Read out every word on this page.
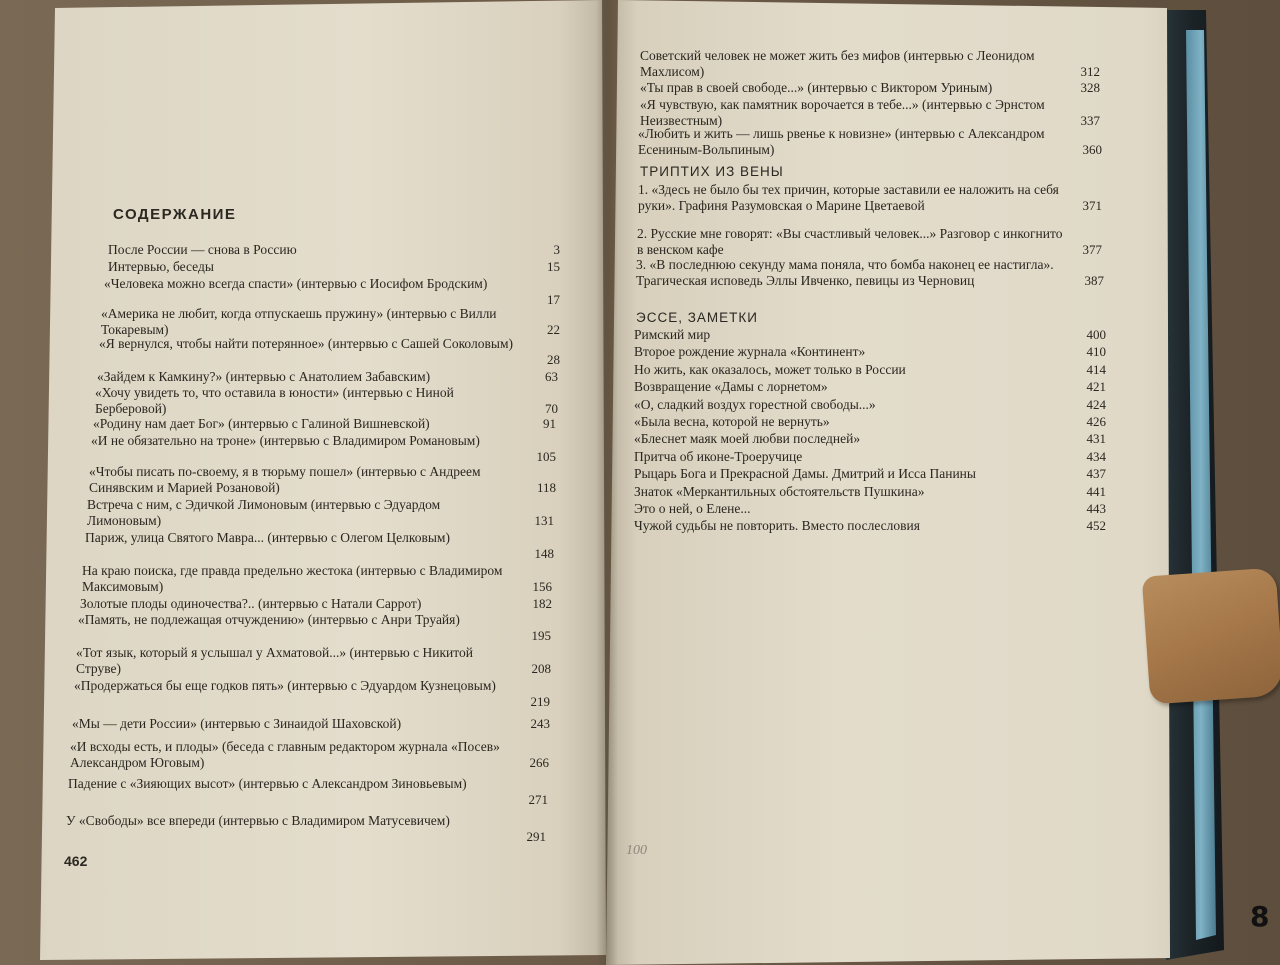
СОДЕРЖАНИЕ
462
После России — снова в Россию	3
Интервью, беседы	15
«Человека можно всегда спасти» (интервью с Иосифом Бродским)
17
«Америка не любит, когда отпускаешь пружину» (интервью с Вилли Токаревым)	22
«Я вернулся, чтобы найти потерянное» (интервью с Сашей Соколовым)
28
«Зайдем к Камкину?» (интервью с Анатолием Забавским)	63
«Хочу увидеть то, что оставила в юности» (интервью с Ниной Берберовой)	70
«Родину нам дает Бог» (интервью с Галиной Вишневской)	91
«И не обязательно на троне» (интервью с Владимиром Романовым)
105
«Чтобы писать по-своему, я в тюрьму пошел» (интервью с Андреем Синявским и Марией Розановой)	118
Встреча с ним, с Эдичкой Лимоновым (интервью с Эдуардом Лимоновым)	131
Париж, улица Святого Мавра... (интервью с Олегом Целковым)
148
На краю поиска, где правда предельно жестока (интервью с Владимиром Максимовым)	156
Золотые плоды одиночества?.. (интервью с Натали Саррот)	182
«Память, не подлежащая отчуждению» (интервью с Анри Труайя)
195
«Тот язык, который я услышал у Ахматовой...» (интервью с Никитой Струве)	208
«Продержаться бы еще годков пять» (интервью с Эдуардом Кузнецовым)
219
«Мы — дети России» (интервью с Зинаидой Шаховской)	243
«И всходы есть, и плоды» (беседа с главным редактором журнала «Посев» Александром Юговым)	266
Падение с «Зияющих высот» (интервью с Александром Зиновьевым)
271
У «Свободы» все впереди (интервью с Владимиром Матусевичем)
291
ТРИПТИХ ИЗ ВЕНЫ
ЭССЕ, ЗАМЕТКИ
Советский человек не может жить без мифов (интервью с Леонидом Махлисом)	312
«Ты прав в своей свободе...» (интервью с Виктором Уриным)	328
«Я чувствую, как памятник ворочается в тебе...» (интервью с Эрнстом Неизвестным)	337
«Любить и жить — лишь рвенье к новизне» (интервью с Александром Есениным-Вольпиным)	360
1. «Здесь не было бы тех причин, которые заставили ее наложить на себя руки». Графиня Разумовская о Марине Цветаевой	371
2. Русские мне говорят: «Вы счастливый человек...» Разговор с инкогнито в венском кафе	377
3. «В последнюю секунду мама поняла, что бомба наконец ее настигла». Трагическая исповедь Эллы Ивченко, певицы из Черновиц	387
Римский мир	400
Второе рождение журнала «Континент»	410
Но жить, как оказалось, может только в России	414
Возвращение «Дамы с лорнетом»	421
«О, сладкий воздух горестной свободы...»	424
«Была весна, которой не вернуть»	426
«Блеснет маяк моей любви последней»	431
Притча об иконе-Троеручице	434
Рыцарь Бога и Прекрасной Дамы. Дмитрий и Исса Панины	437
Знаток «Меркантильных обстоятельств Пушкина»	441
Это о ней, о Елене...	443
Чужой судьбы не повторить. Вместо послесловия	452
100
8
